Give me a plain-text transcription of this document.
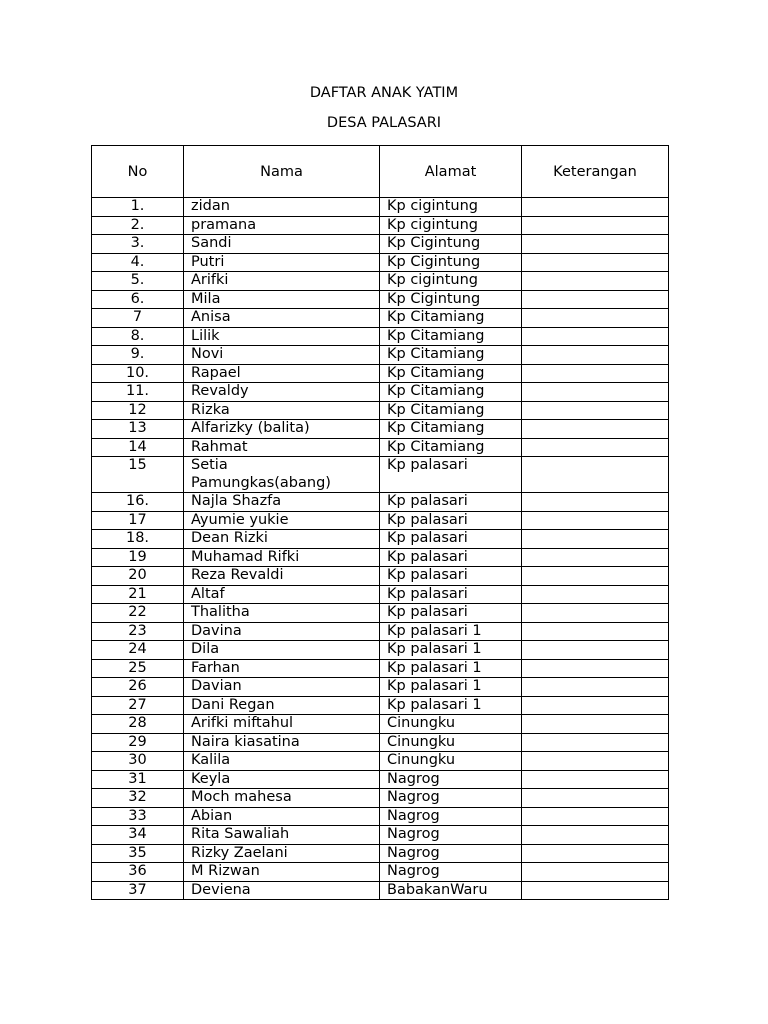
DAFTAR ANAK YATIM
DESA PALASARI
No	Nama	Alamat	Keterangan
1.	zidan	Kp cigintung	
2.	pramana	Kp cigintung	
3.	Sandi	Kp Cigintung	
4.	Putri	Kp Cigintung	
5.	Arifki	Kp cigintung	
6.	Mila	Kp Cigintung	
7	Anisa	Kp Citamiang	
8.	Lilik	Kp Citamiang	
9.	Novi	Kp Citamiang	
10.	Rapael	Kp Citamiang	
11.	Revaldy	Kp Citamiang	
12	Rizka	Kp Citamiang	
13	Alfarizky (balita)	Kp Citamiang	
14	Rahmat	Kp Citamiang	
15	Setia Pamungkas(abang)	Kp palasari	
16.	Najla Shazfa	Kp palasari	
17	Ayumie yukie	Kp palasari	
18.	Dean Rizki	Kp palasari	
19	Muhamad Rifki	Kp palasari	
20	Reza Revaldi	Kp palasari	
21	Altaf	Kp palasari	
22	Thalitha	Kp palasari	
23	Davina	Kp palasari 1	
24	Dila	Kp palasari 1	
25	Farhan	Kp palasari 1	
26	Davian	Kp palasari 1	
27	Dani Regan	Kp palasari 1	
28	Arifki miftahul	Cinungku	
29	Naira kiasatina	Cinungku	
30	Kalila	Cinungku	
31	Keyla	Nagrog	
32	Moch mahesa	Nagrog	
33	Abian	Nagrog	
34	Rita Sawaliah	Nagrog	
35	Rizky Zaelani	Nagrog	
36	M Rizwan	Nagrog	
37	Deviena	BabakanWaru	
